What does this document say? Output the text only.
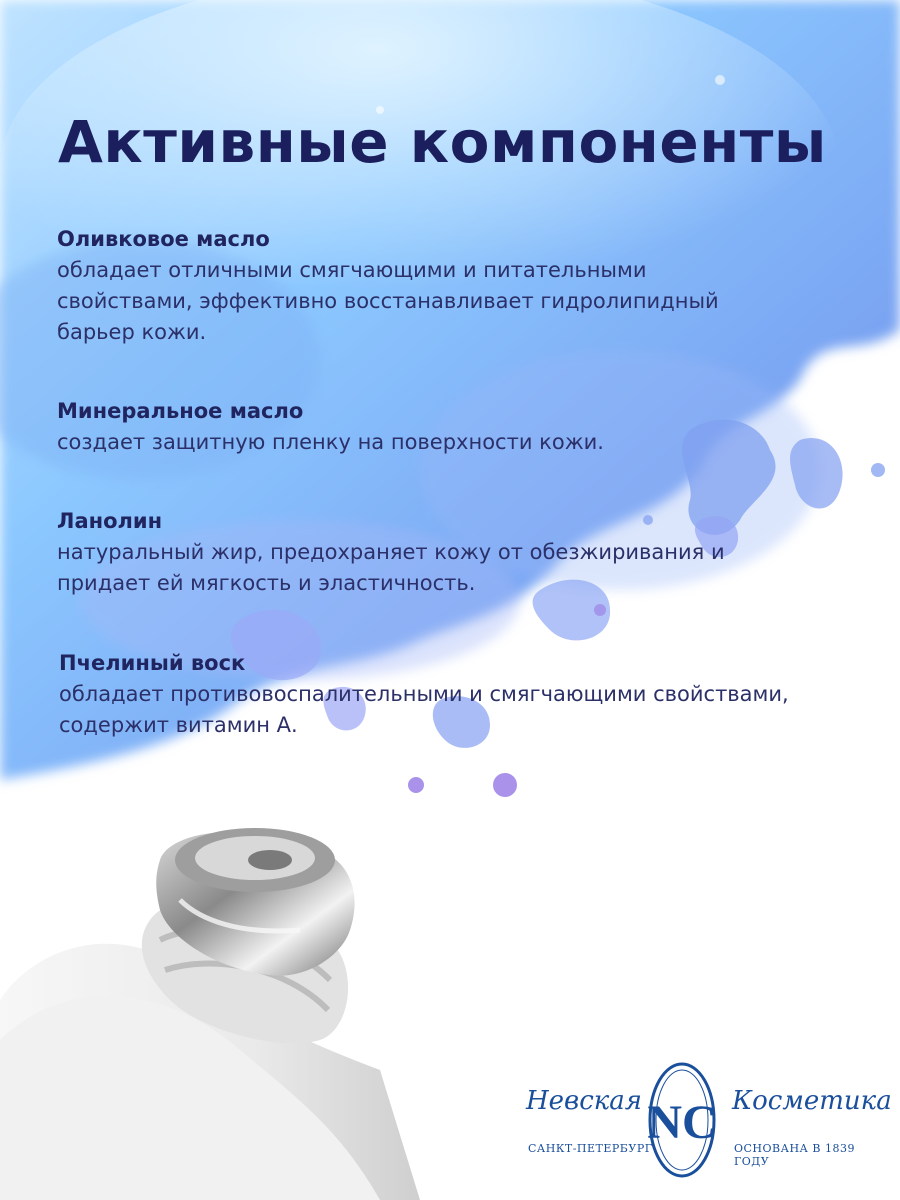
Активные компоненты
Оливковое масло
обладает отличными смягчающими и питательными свойствами, эффективно восстанавливает гидролипидный барьер кожи.
Минеральное масло
создает защитную пленку на поверхности кожи.
Ланолин
натуральный жир, предохраняет кожу от обезжиривания и придает ей мягкость и эластичность.
Пчелиный воск
обладает противовоспалительными и смягчающими свойствами, содержит витамин А.
Невская NC Косметика
САНКТ-ПЕТЕРБУРГ	ОСНОВАНА В 1839 ГОДУ
